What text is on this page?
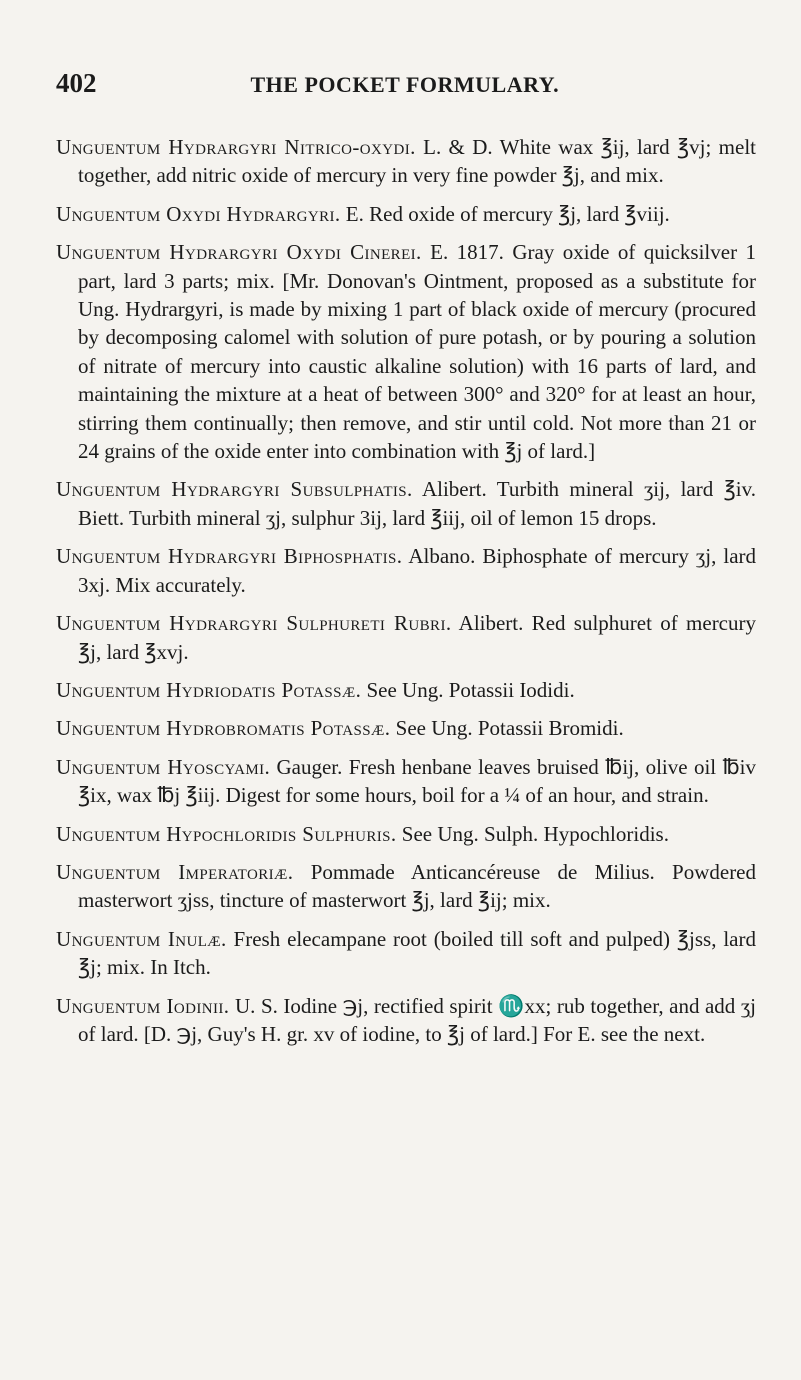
402	THE POCKET FORMULARY.

Unguentum Hydrargyri Nitrico-oxydi. L. & D. White wax ℥ij, lard ℥vj; melt together, add nitric oxide of mercury in very fine powder ℥j, and mix.

Unguentum Oxydi Hydrargyri. E. Red oxide of mercury ℥j, lard ℥viij.

Unguentum Hydrargyri Oxydi Cinerei. E. 1817. Gray oxide of quicksilver 1 part, lard 3 parts; mix. [Mr. Donovan's Ointment, proposed as a substitute for Ung. Hydrargyri, is made by mixing 1 part of black oxide of mercury (procured by decomposing calomel with solution of pure potash, or by pouring a solution of nitrate of mercury into caustic alkaline solution) with 16 parts of lard, and maintaining the mixture at a heat of between 300° and 320° for at least an hour, stirring them continually; then remove, and stir until cold. Not more than 21 or 24 grains of the oxide enter into combination with ℥j of lard.]

Unguentum Hydrargyri Subsulphatis. Alibert. Turbith mineral ʒij, lard ℥iv. Biett. Turbith mineral ʒj, sulphur 3ij, lard ℥iij, oil of lemon 15 drops.

Unguentum Hydrargyri Biphosphatis. Albano. Biphosphate of mercury ʒj, lard 3xj. Mix accurately.

Unguentum Hydrargyri Sulphureti Rubri. Alibert. Red sulphuret of mercury ℥j, lard ℥xvj.

Unguentum Hydriodatis Potassæ. See Ung. Potassii Iodidi.

Unguentum Hydrobromatis Potassæ. See Ung. Potassii Bromidi.

Unguentum Hyoscyami. Gauger. Fresh henbane leaves bruised ℔ij, olive oil ℔iv ℥ix, wax ℔j ℥iij. Digest for some hours, boil for a ¼ of an hour, and strain.

Unguentum Hypochloridis Sulphuris. See Ung. Sulph. Hypochloridis.

Unguentum Imperatoriæ. Pommade Anticancéreuse de Milius. Powdered masterwort ʒjss, tincture of masterwort ℥j, lard ℥ij; mix.

Unguentum Inulæ. Fresh elecampane root (boiled till soft and pulped) ℥jss, lard ℥j; mix. In Itch.

Unguentum Iodinii. U. S. Iodine ℈j, rectified spirit ♏xx; rub together, and add ʒj of lard. [D. ℈j, Guy's H. gr. xv of iodine, to ℥j of lard.] For E. see the next.
